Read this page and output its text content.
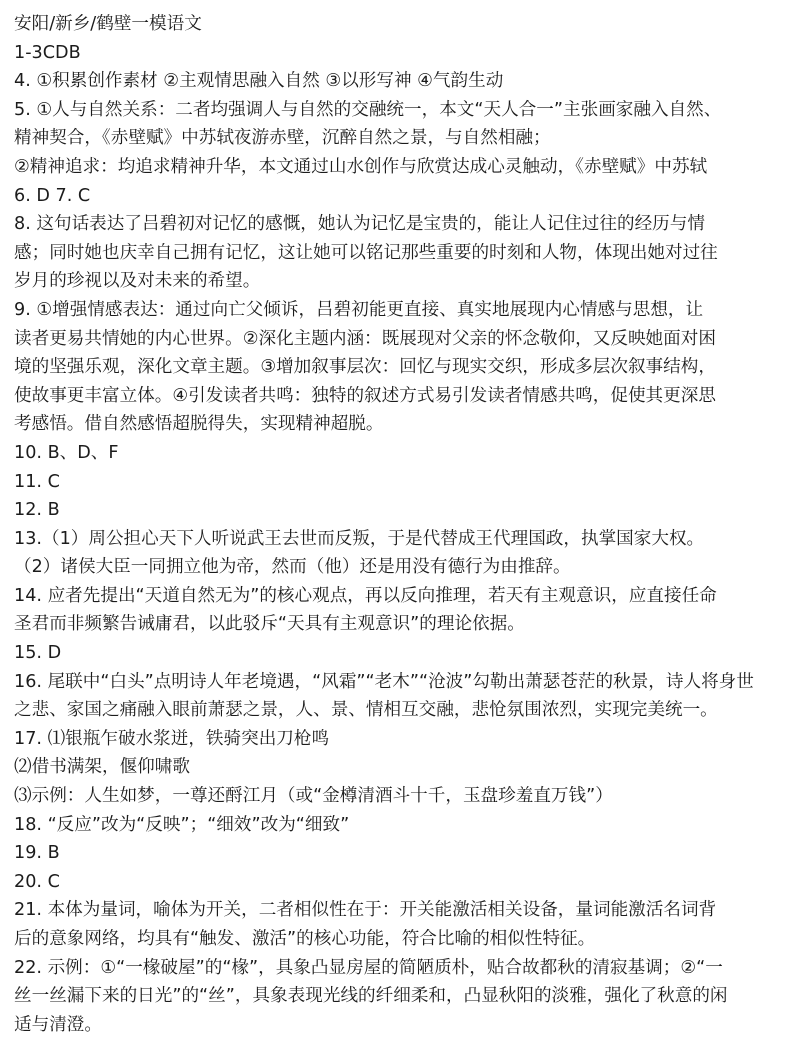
安阳/新乡/鹤壁一模语文
1-3CDB
4. ①积累创作素材 ②主观情思融入自然 ③以形写神 ④气韵生动
5. ①人与自然关系：二者均强调人与自然的交融统一，本文“天人合一”主张画家融入自然、
精神契合，《赤壁赋》中苏轼夜游赤壁，沉醉自然之景，与自然相融；
②精神追求：均追求精神升华，本文通过山水创作与欣赏达成心灵触动，《赤壁赋》中苏轼
6. D 7. C
8. 这句话表达了吕碧初对记忆的感慨，她认为记忆是宝贵的，能让人记住过往的经历与情
感；同时她也庆幸自己拥有记忆，这让她可以铭记那些重要的时刻和人物，体现出她对过往
岁月的珍视以及对未来的希望。
9. ①增强情感表达：通过向亡父倾诉，吕碧初能更直接、真实地展现内心情感与思想，让
读者更易共情她的内心世界。②深化主题内涵：既展现对父亲的怀念敬仰，又反映她面对困
境的坚强乐观，深化文章主题。③增加叙事层次：回忆与现实交织，形成多层次叙事结构，
使故事更丰富立体。④引发读者共鸣：独特的叙述方式易引发读者情感共鸣，促使其更深思
考感悟。借自然感悟超脱得失，实现精神超脱。
10. B、D、F
11. C
12. B
13.（1）周公担心天下人听说武王去世而反叛，于是代替成王代理国政，执掌国家大权。
（2）诸侯大臣一同拥立他为帝，然而（他）还是用没有德行为由推辞。
14. 应者先提出“天道自然无为”的核心观点，再以反向推理，若天有主观意识，应直接任命
圣君而非频繁告诫庸君，以此驳斥“天具有主观意识”的理论依据。
15. D
16. 尾联中“白头”点明诗人年老境遇，“风霜”“老木”“沧波”勾勒出萧瑟苍茫的秋景，诗人将身世
之悲、家国之痛融入眼前萧瑟之景，人、景、情相互交融，悲怆氛围浓烈，实现完美统一。
17. ⑴银瓶乍破水浆迸，铁骑突出刀枪鸣
⑵借书满架，偃仰啸歌
⑶示例：人生如梦，一尊还酹江月（或“金樽清酒斗十千，玉盘珍羞直万钱”）
18. “反应”改为“反映”；“细效”改为“细致”
19. B
20. C
21. 本体为量词，喻体为开关，二者相似性在于：开关能激活相关设备，量词能激活名词背
后的意象网络，均具有“触发、激活”的核心功能，符合比喻的相似性特征。
22. 示例：①“一椽破屋”的“椽”，具象凸显房屋的简陋质朴，贴合故都秋的清寂基调；②“一
丝一丝漏下来的日光”的“丝”，具象表现光线的纤细柔和，凸显秋阳的淡雅，强化了秋意的闲
适与清澄。
